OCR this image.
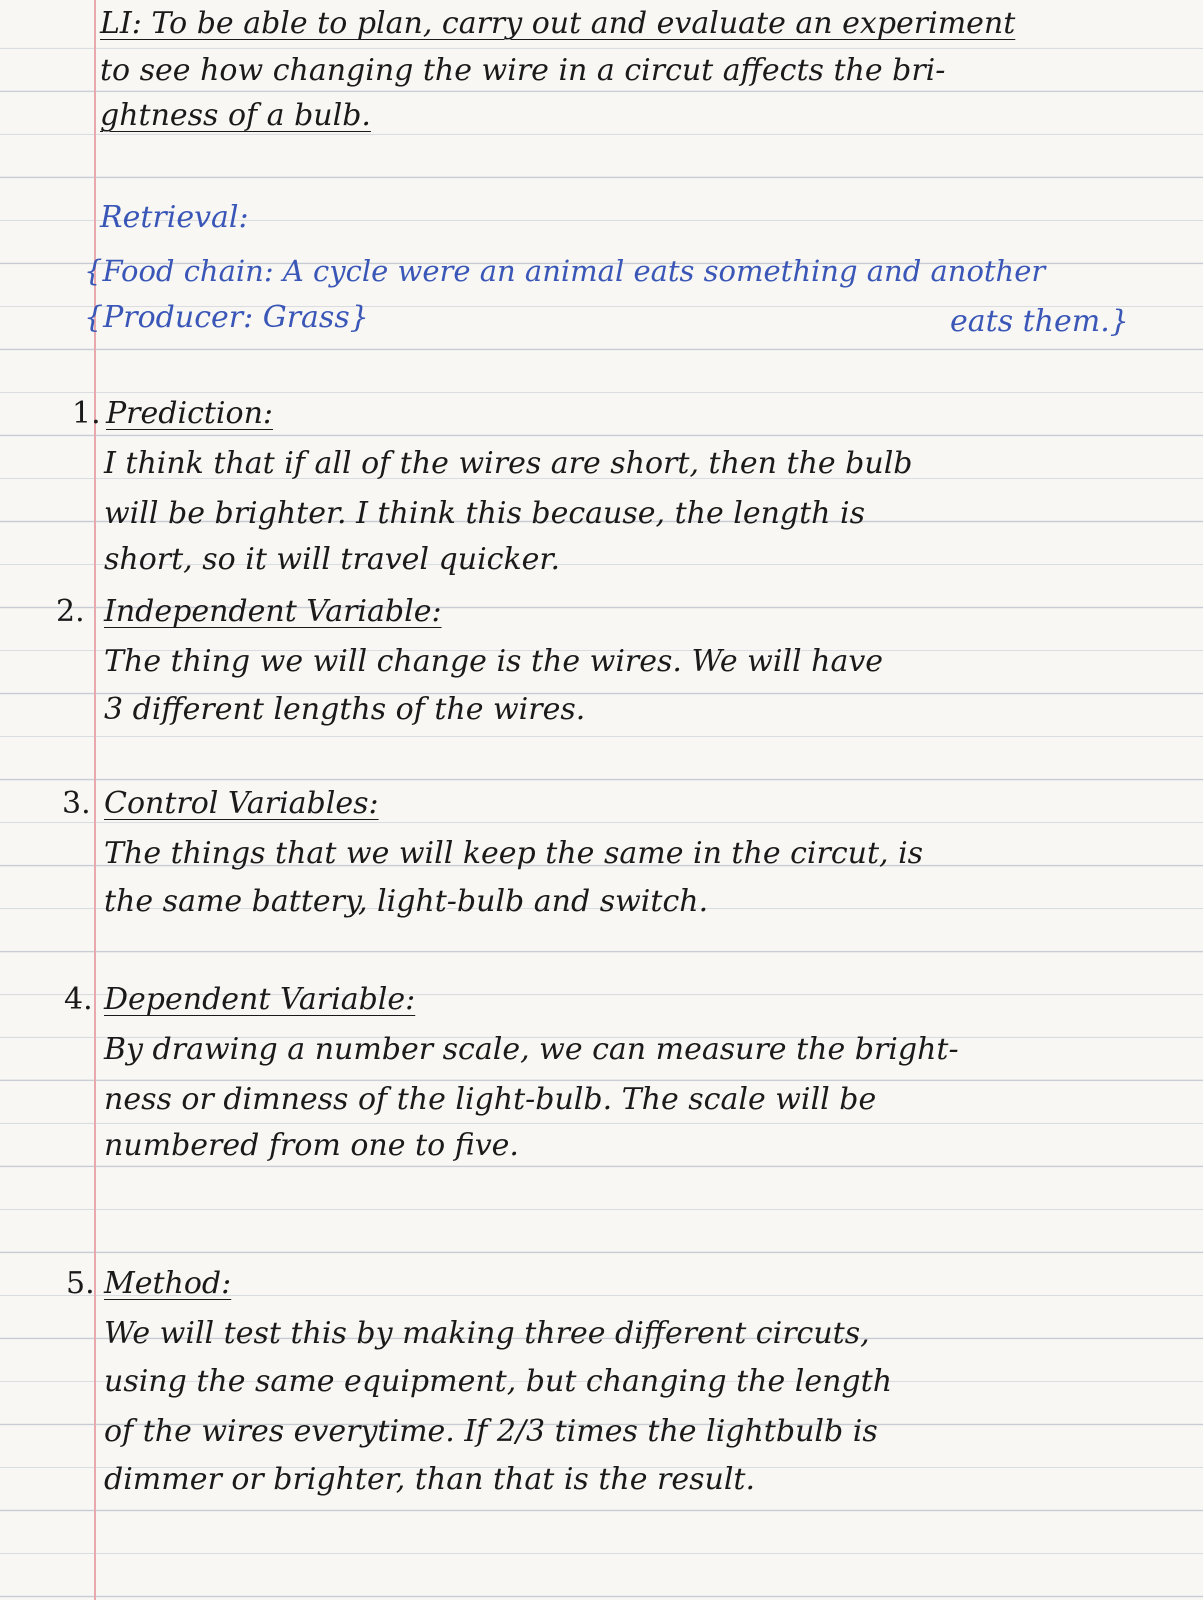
LI: To be able to plan, carry out and evaluate an experiment
to see how changing the wire in a circut affects the bri-
ghtness of a bulb.
Retrieval:
{Food chain: A cycle were an animal eats something and another
{Producer: Grass}	eats them.}
1. Prediction:
I think that if all of the wires are short, then the bulb
will be brighter. I think this because, the length is
short, so it will travel quicker.
2. Independent Variable:
The thing we will change is the wires. We will have
3 different lengths of the wires.
3. Control Variables:
The things that we will keep the same in the circut, is
the same battery, light-bulb and switch.
4. Dependent Variable:
By drawing a number scale, we can measure the bright-
ness or dimness of the light-bulb. The scale will be
numbered from one to five.
5. Method:
We will test this by making three different circuts,
using the same equipment, but changing the length
of the wires everytime. If 2/3 times the lightbulb is
dimmer or brighter, than that is the result.
